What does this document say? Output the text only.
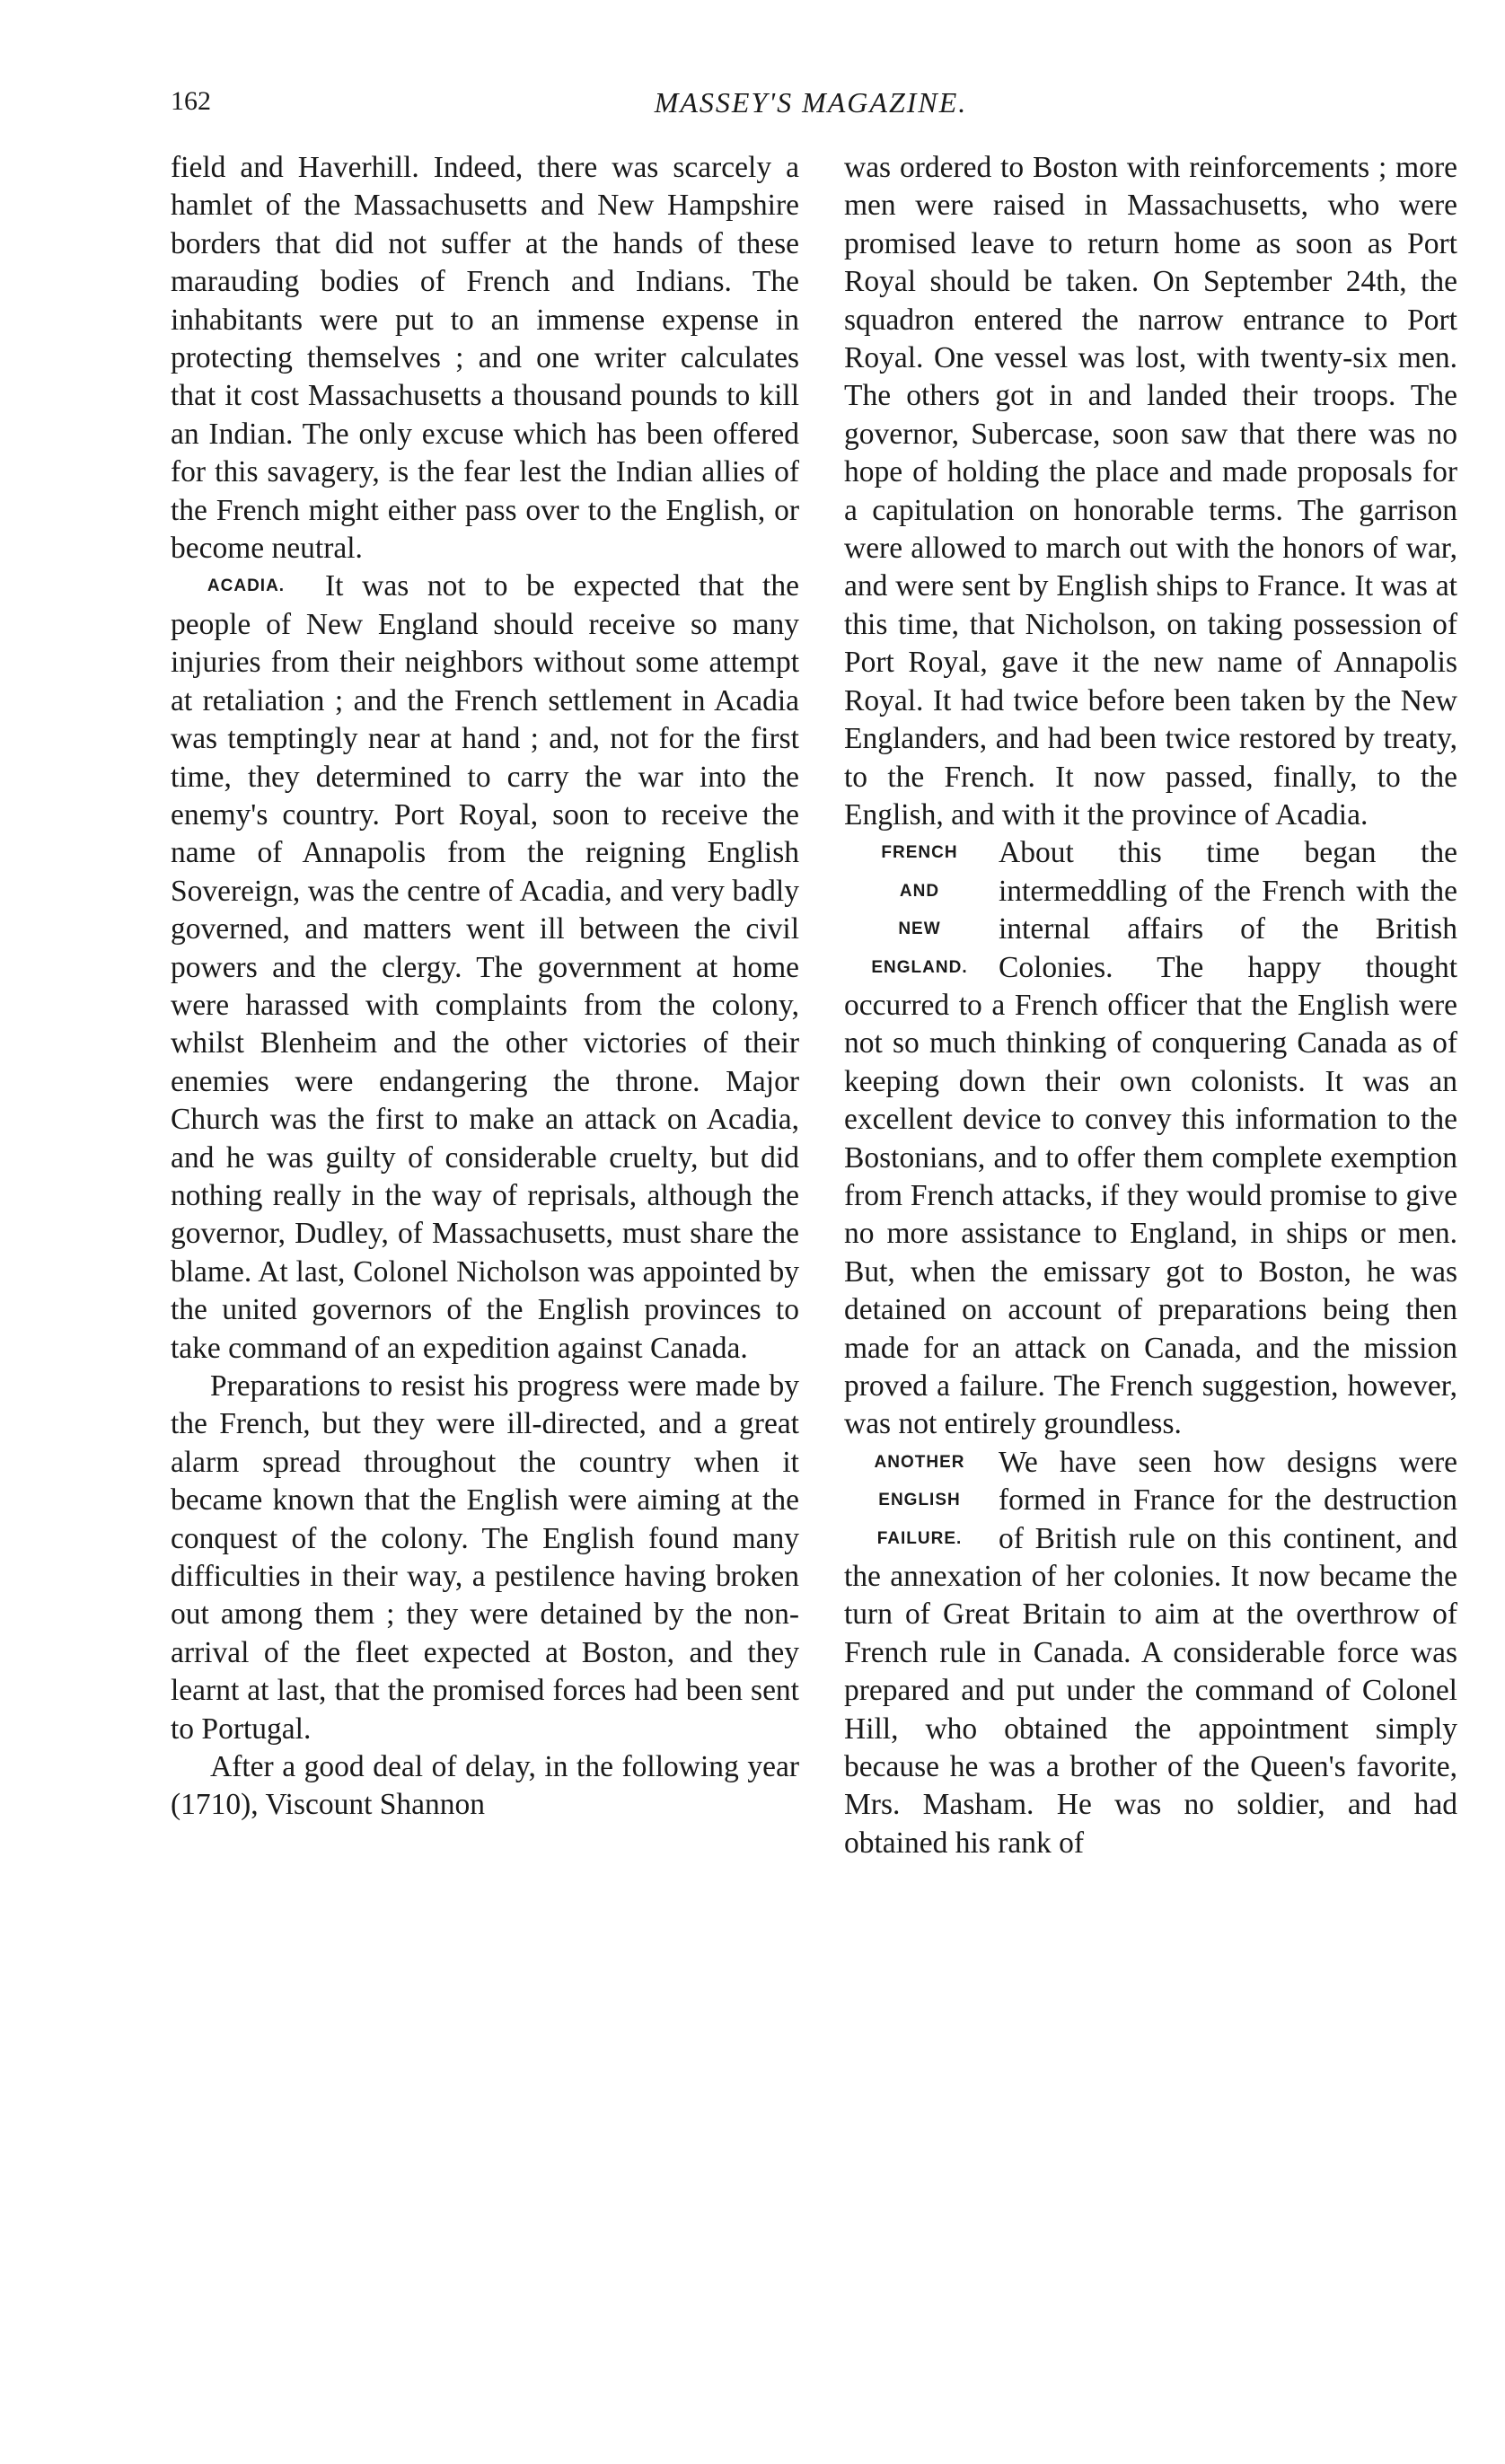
162	MASSEY'S MAGAZINE.

field and Haverhill. Indeed, there was scarcely a hamlet of the Massachusetts and New Hampshire borders that did not suffer at the hands of these marauding bodies of French and Indians. The inhabitants were put to an immense expense in protecting themselves ; and one writer calculates that it cost Massachusetts a thousand pounds to kill an Indian. The only excuse which has been offered for this savagery, is the fear lest the Indian allies of the French might either pass over to the English, or become neutral.

ACADIA.	It was not to be expected that the people of New England should receive so many injuries from their neighbors without some attempt at retaliation ; and the French settlement in Acadia was temptingly near at hand ; and, not for the first time, they determined to carry the war into the enemy's country. Port Royal, soon to receive the name of Annapolis from the reigning English Sovereign, was the centre of Acadia, and very badly governed, and matters went ill between the civil powers and the clergy. The government at home were harassed with complaints from the colony, whilst Blenheim and the other victories of their enemies were endangering the throne. Major Church was the first to make an attack on Acadia, and he was guilty of considerable cruelty, but did nothing really in the way of reprisals, although the governor, Dudley, of Massachusetts, must share the blame. At last, Colonel Nicholson was appointed by the united governors of the English provinces to take command of an expedition against Canada.

Preparations to resist his progress were made by the French, but they were ill-directed, and a great alarm spread throughout the country when it became known that the English were aiming at the conquest of the colony. The English found many difficulties in their way, a pestilence having broken out among them ; they were detained by the non-arrival of the fleet expected at Boston, and they learnt at last, that the promised forces had been sent to Portugal.

After a good deal of delay, in the following year (1710), Viscount Shannon

was ordered to Boston with reinforcements ; more men were raised in Massachusetts, who were promised leave to return home as soon as Port Royal should be taken. On September 24th, the squadron entered the narrow entrance to Port Royal. One vessel was lost, with twenty-six men. The others got in and landed their troops. The governor, Subercase, soon saw that there was no hope of holding the place and made proposals for a capitulation on honorable terms. The garrison were allowed to march out with the honors of war, and were sent by English ships to France. It was at this time, that Nicholson, on taking possession of Port Royal, gave it the new name of Annapolis Royal. It had twice before been taken by the New Englanders, and had been twice restored by treaty, to the French. It now passed, finally, to the English, and with it the province of Acadia.

FRENCH
AND
NEW
ENGLAND.
About this time began the intermeddling of the French with the internal affairs of the British Colonies. The happy thought occurred to a French officer that the English were not so much thinking of conquering Canada as of keeping down their own colonists. It was an excellent device to convey this information to the Bostonians, and to offer them complete exemption from French attacks, if they would promise to give no more assistance to England, in ships or men. But, when the emissary got to Boston, he was detained on account of preparations being then made for an attack on Canada, and the mission proved a failure. The French suggestion, however, was not entirely groundless.

ANOTHER
ENGLISH
FAILURE.
We have seen how designs were formed in France for the destruction of British rule on this continent, and the annexation of her colonies. It now became the turn of Great Britain to aim at the overthrow of French rule in Canada. A considerable force was prepared and put under the command of Colonel Hill, who obtained the appointment simply because he was a brother of the Queen's favorite, Mrs. Masham. He was no soldier, and had obtained his rank of
